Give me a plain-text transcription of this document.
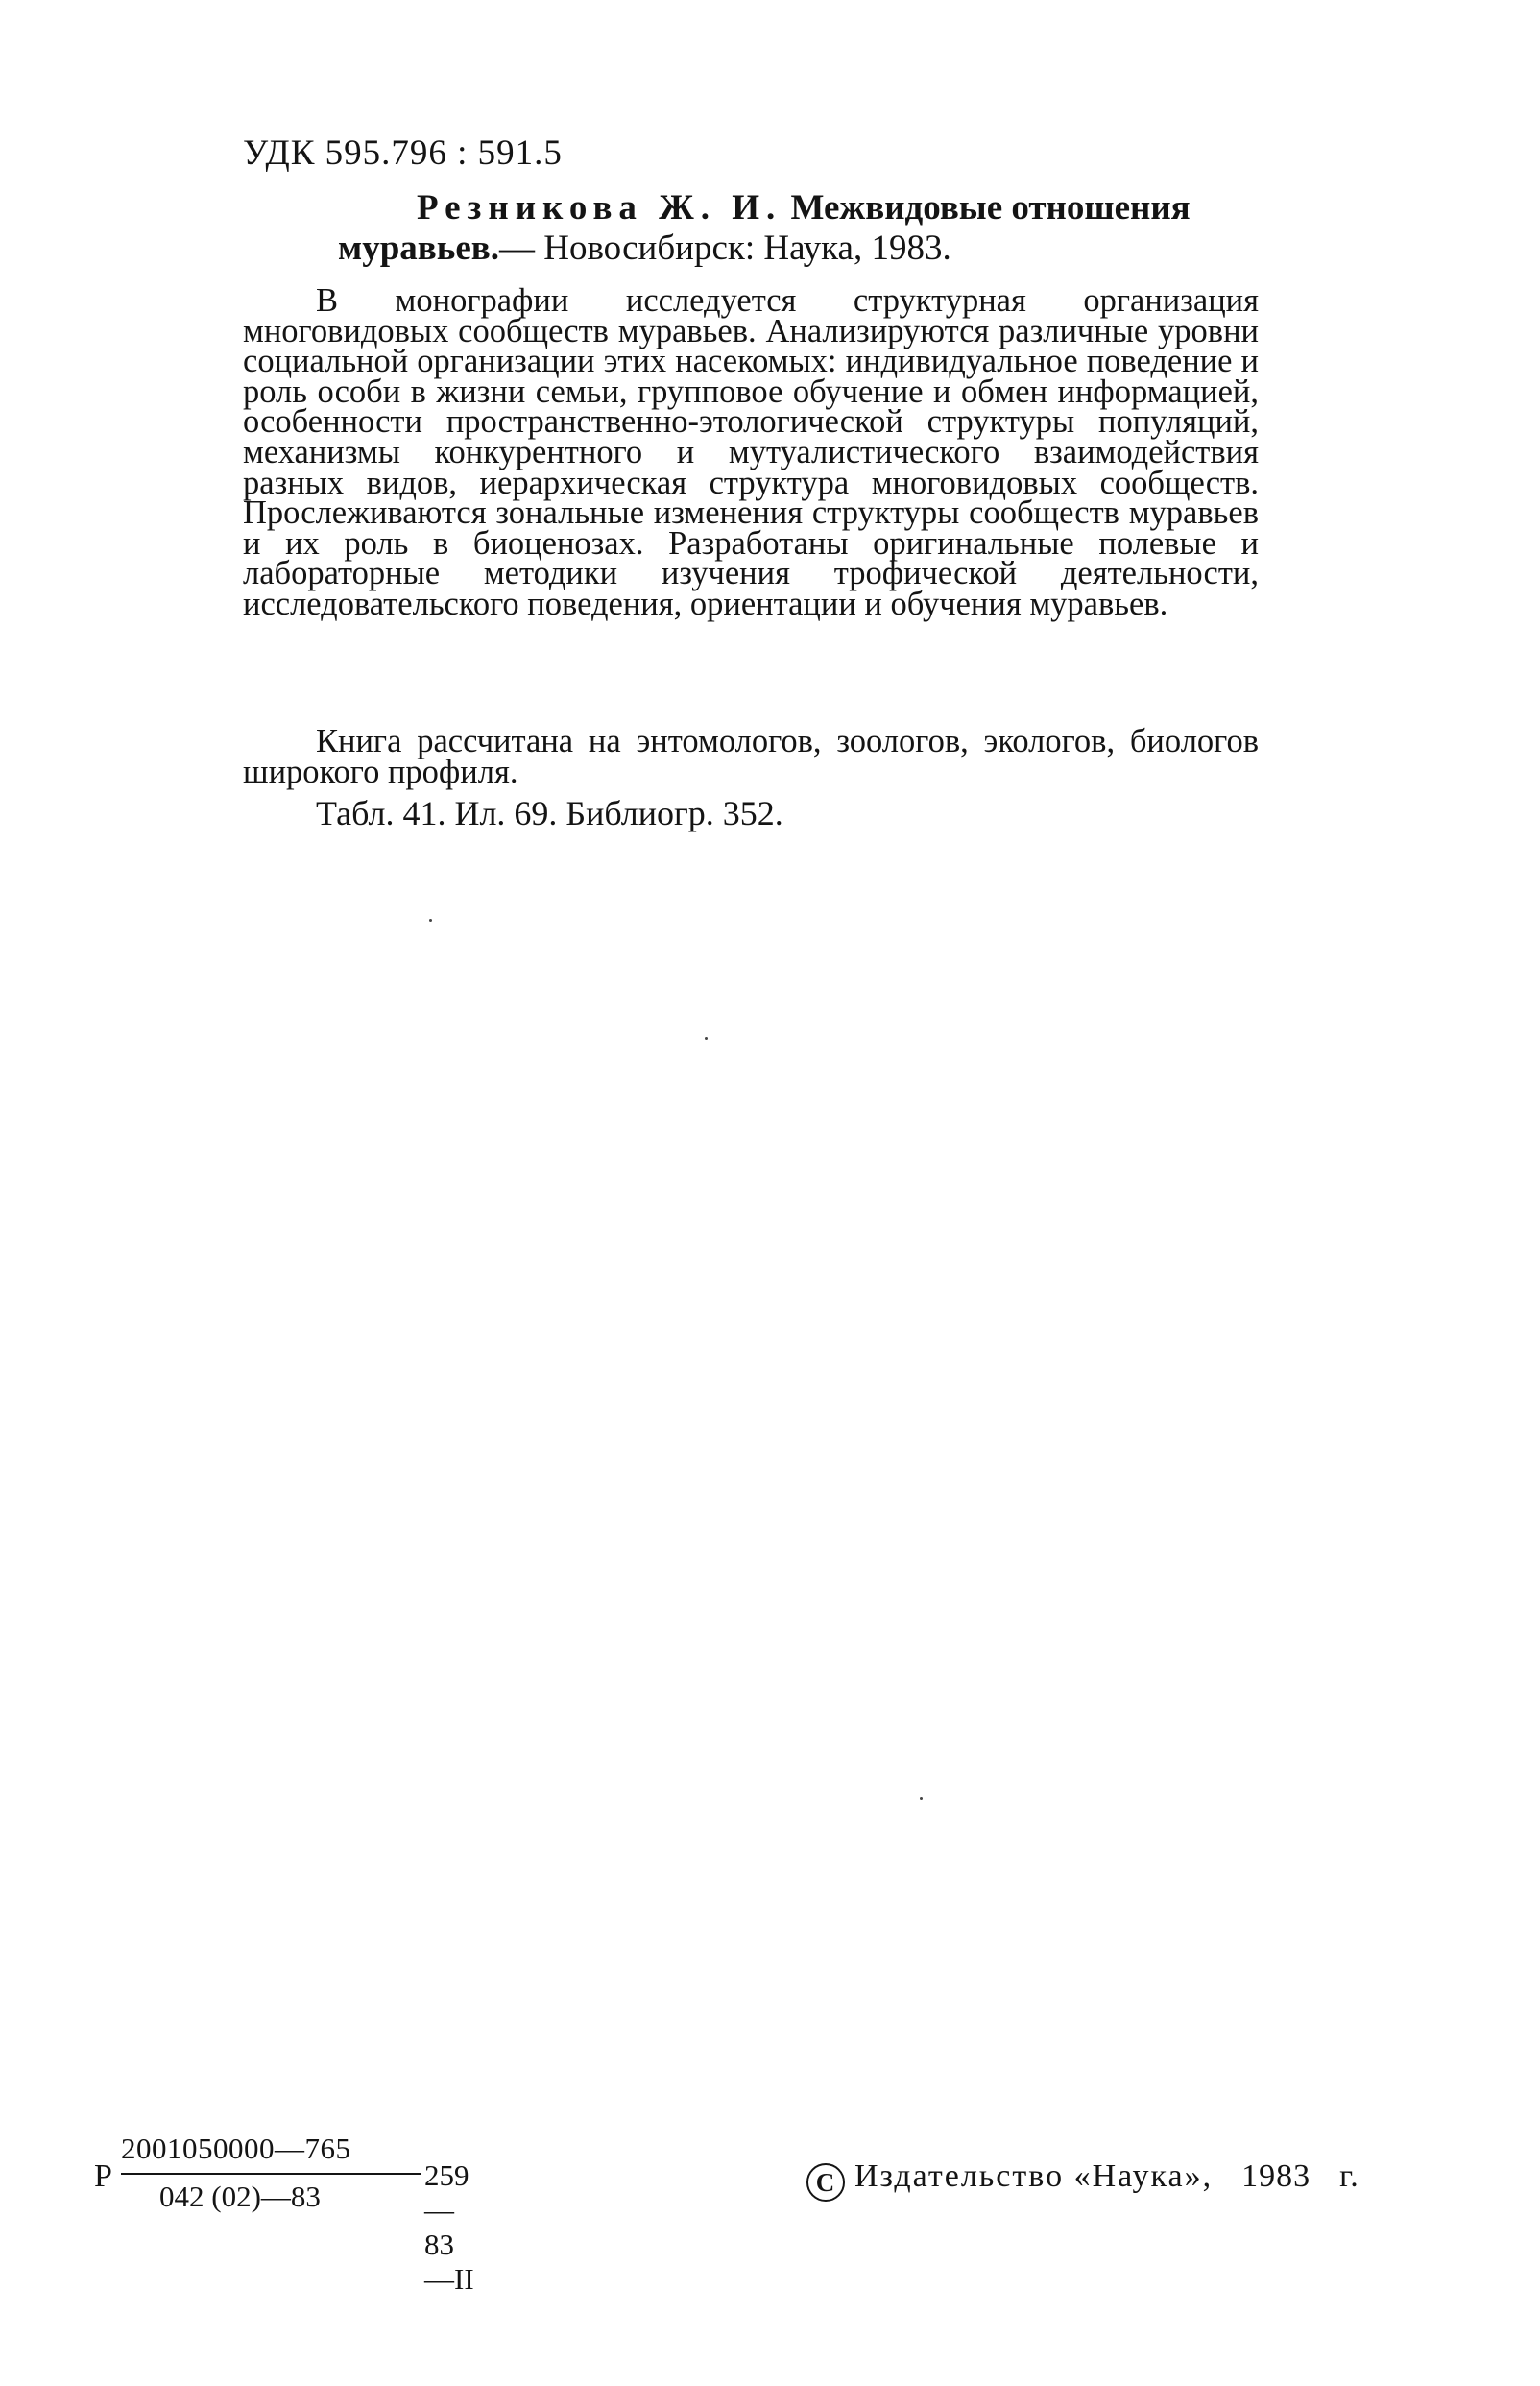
УДК 595.796 : 591.5
Резникова Ж. И. Межвидовые отношения муравьев.— Новосибирск: Наука, 1983.

В монографии исследуется структурная организация многовидовых сообществ муравьев. Анализируются различные уровни социальной организации этих насекомых: индивидуальное поведение и роль особи в жизни семьи, групповое обучение и обмен информацией, особенности пространственно-этологической структуры популяций, механизмы конкурентного и мутуалистического взаимодействия разных видов, иерархическая структура многовидовых сообществ. Прослеживаются зональные изменения структуры сообществ муравьев и их роль в биоценозах. Разработаны оригинальные полевые и лабораторные методики изучения трофической деятельности, исследовательского поведения, ориентации и обучения муравьев.

Книга рассчитана на энтомологов, зоологов, экологов, биологов широкого профиля.

Табл. 41. Ил. 69. Библиогр. 352.
Р
2001050000—765
042 (02)—83
259—83—II
C Издательство «Наука», 1983 г.
